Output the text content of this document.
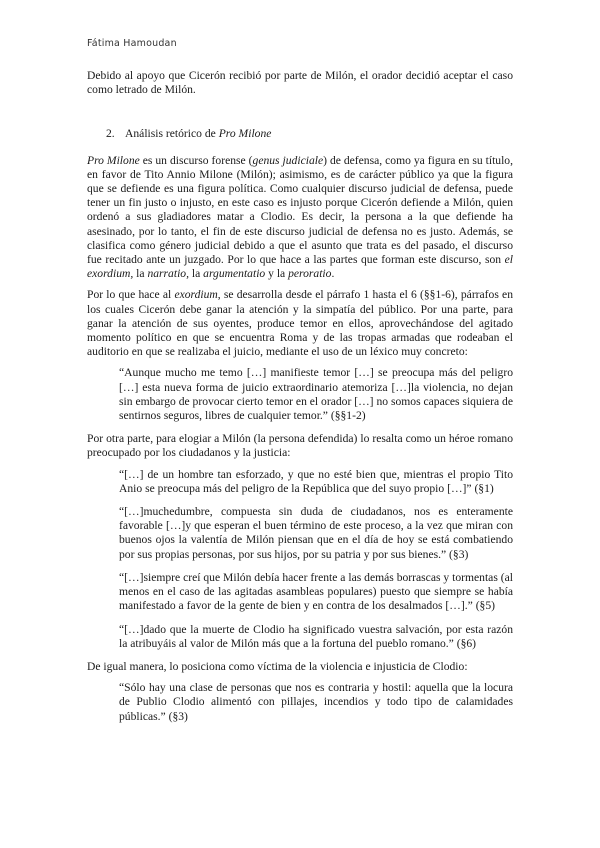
Fátima Hamoudan

Debido al apoyo que Cicerón recibió por parte de Milón, el orador decidió aceptar el caso como letrado de Milón.

2. Análisis retórico de Pro Milone

Pro Milone es un discurso forense (genus judiciale) de defensa, como ya figura en su título, en favor de Tito Annio Milone (Milón); asimismo, es de carácter público ya que la figura que se defiende es una figura política. Como cualquier discurso judicial de defensa, puede tener un fin justo o injusto, en este caso es injusto porque Cicerón defiende a Milón, quien ordenó a sus gladiadores matar a Clodio. Es decir, la persona a la que defiende ha asesinado, por lo tanto, el fin de este discurso judicial de defensa no es justo. Además, se clasifica como género judicial debido a que el asunto que trata es del pasado, el discurso fue recitado ante un juzgado. Por lo que hace a las partes que forman este discurso, son el exordium, la narratio, la argumentatio y la peroratio.

Por lo que hace al exordium, se desarrolla desde el párrafo 1 hasta el 6 (§§1-6), párrafos en los cuales Cicerón debe ganar la atención y la simpatía del público. Por una parte, para ganar la atención de sus oyentes, produce temor en ellos, aprovechándose del agitado momento político en que se encuentra Roma y de las tropas armadas que rodeaban el auditorio en que se realizaba el juicio, mediante el uso de un léxico muy concreto:

“Aunque mucho me temo […] manifieste temor […] se preocupa más del peligro […] esta nueva forma de juicio extraordinario atemoriza […]la violencia, no dejan sin embargo de provocar cierto temor en el orador […] no somos capaces siquiera de sentirnos seguros, libres de cualquier temor.” (§§1-2)

Por otra parte, para elogiar a Milón (la persona defendida) lo resalta como un héroe romano preocupado por los ciudadanos y la justicia:

“[…] de un hombre tan esforzado, y que no esté bien que, mientras el propio Tito Anio se preocupa más del peligro de la República que del suyo propio […]” (§1)

“[…]muchedumbre, compuesta sin duda de ciudadanos, nos es enteramente favorable […]y que esperan el buen término de este proceso, a la vez que miran con buenos ojos la valentía de Milón piensan que en el día de hoy se está combatiendo por sus propias personas, por sus hijos, por su patria y por sus bienes.” (§3)

“[…]siempre creí que Milón debía hacer frente a las demás borrascas y tormentas (al menos en el caso de las agitadas asambleas populares) puesto que siempre se había manifestado a favor de la gente de bien y en contra de los desalmados […].” (§5)

“[…]dado que la muerte de Clodio ha significado vuestra salvación, por esta razón la atribuyáis al valor de Milón más que a la fortuna del pueblo romano.” (§6)

De igual manera, lo posiciona como víctima de la violencia e injusticia de Clodio:

“Sólo hay una clase de personas que nos es contraria y hostil: aquella que la locura de Publio Clodio alimentó con pillajes, incendios y todo tipo de calamidades públicas.” (§3)
